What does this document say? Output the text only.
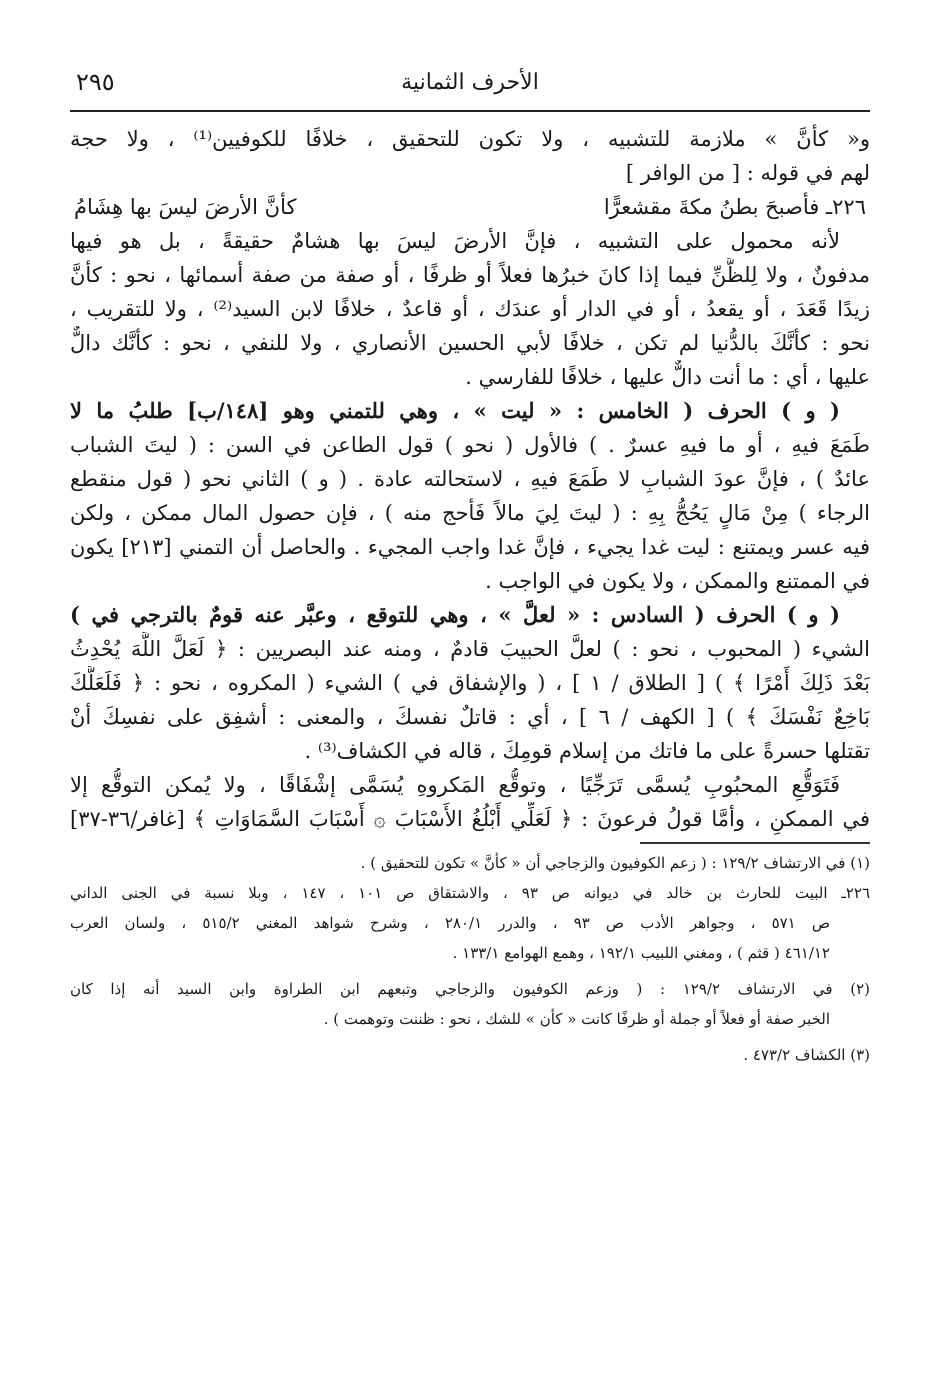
الأحرف الثمانية
٢٩٥
و« كأنَّ » ملازمة للتشبيه ، ولا تكون للتحقيق ، خلافًا للكوفيين⁽¹⁾ ، ولا حجة
لهم في قوله : [ من الوافر ]
٢٢٦ـ فأصبحَ بطنُ مكةَ مقشعرًّا
كأنَّ الأرضَ ليسَ بها هِشَامُ
لأنه محمول على التشبيه ، فإنَّ الأرضَ ليسَ بها هشامٌ حقيقةً ، بل هو فيها
مدفونٌ ، ولا لِلظَّنِّ فيما إذا كانَ خبرُها فعلاً أو ظرفًا ، أو صفة من صفة أسمائها ، نحو : كأنَّ
زيدًا قَعَدَ ، أو يقعدُ ، أو في الدار أو عندَك ، أو قاعدٌ ، خلافًا لابن السيد⁽²⁾ ، ولا للتقريب ،
نحو : كأنَّكَ بالدُّنيا لم تكن ، خلافًا لأبي الحسين الأنصاري ، ولا للنفي ، نحو : كأنَّك دالٌّ
عليها ، أي : ما أنت دالٌّ عليها ، خلافًا للفارسي .
( و ) الحرف ( الخامس : « ليت » ، وهي للتمني وهو [١٤٨/ب] طلبُ ما لا
طَمَعَ فيهِ ، أو ما فيهِ عسرٌ . ) فالأول ( نحو ) قول الطاعن في السن : ( ليتَ الشباب
عائدٌ ) ، فإنَّ عودَ الشبابِ لا طَمَعَ فيهِ ، لاستحالته عادة . ( و ) الثاني نحو ( قول منقطع
الرجاء ) مِنْ مَالٍ يَحُجُّ بِهِ : ( ليتَ لِيَ مالاً فَأحج منه ) ، فإن حصول المال ممكن ، ولكن
فيه عسر ويمتنع : ليت غدا يجيء ، فإنَّ غدا واجب المجيء . والحاصل أن التمني [٢١٣] يكون
في الممتنع والممكن ، ولا يكون في الواجب .
( و ) الحرف ( السادس : « لعلَّ » ، وهي للتوقع ، وعبَّر عنه قومٌ بالترجي في )
الشيء ( المحبوب ، نحو : ) لعلَّ الحبيبَ قادمٌ ، ومنه عند البصريين : ﴿ لَعَلَّ اللَّهَ يُحْدِثُ
بَعْدَ ذَلِكَ أَمْرًا ﴾ ) [ الطلاق / ١ ] ، ( والإشفاق في ) الشيء ( المكروه ، نحو : ﴿ فَلَعَلَّكَ
بَاخِعٌ نَفْسَكَ ﴾ ) [ الكهف / ٦ ] ، أي : قاتلٌ نفسكَ ، والمعنى : أشفِق على نفسِكَ أنْ
تقتلها حسرةً على ما فاتك من إسلام قومِكَ ، قاله في الكشاف⁽³⁾ .
فَتَوَقُّعِ المحبُوبِ يُسمَّى تَرَجِّيًا ، وتوقُّع المَكروهِ يُسَمَّى إشْفَاقًا ، ولا يُمكن التوقُّع إلا
في الممكنِ ، وأمَّا قولُ فرعونَ : ﴿ لَعَلِّي أَبْلُغُ الأَسْبَابَ ۞ أَسْبَابَ السَّمَاوَاتِ ﴾ [غافر/٣٦-٣٧]
(١) في الارتشاف ١٢٩/٢ : ( زعم الكوفيون والزجاجي أن « كأنَّ » تكون للتحقيق ) .
٢٢٦ـ البيت للحارث بن خالد في ديوانه ص ٩٣ ، والاشتقاق ص ١٠١ ، ١٤٧ ، وبلا نسبة في الجنى الداني
ص ٥٧١ ، وجواهر الأدب ص ٩٣ ، والدرر ٢٨٠/١ ، وشرح شواهد المغني ٥١٥/٢ ، ولسان العرب
٤٦١/١٢ ( قثم ) ، ومغني اللبيب ١٩٢/١ ، وهمع الهوامع ١٣٣/١ .
(٢) في الارتشاف ١٢٩/٢ : ( وزعم الكوفيون والزجاجي وتبعهم ابن الطراوة وابن السيد أنه إذا كان
الخبر صفة أو فعلاً أو جملة أو ظرفًا كانت « كأن » للشك ، نحو : ظننت وتوهمت ) .
(٣) الكشاف ٤٧٣/٢ .
